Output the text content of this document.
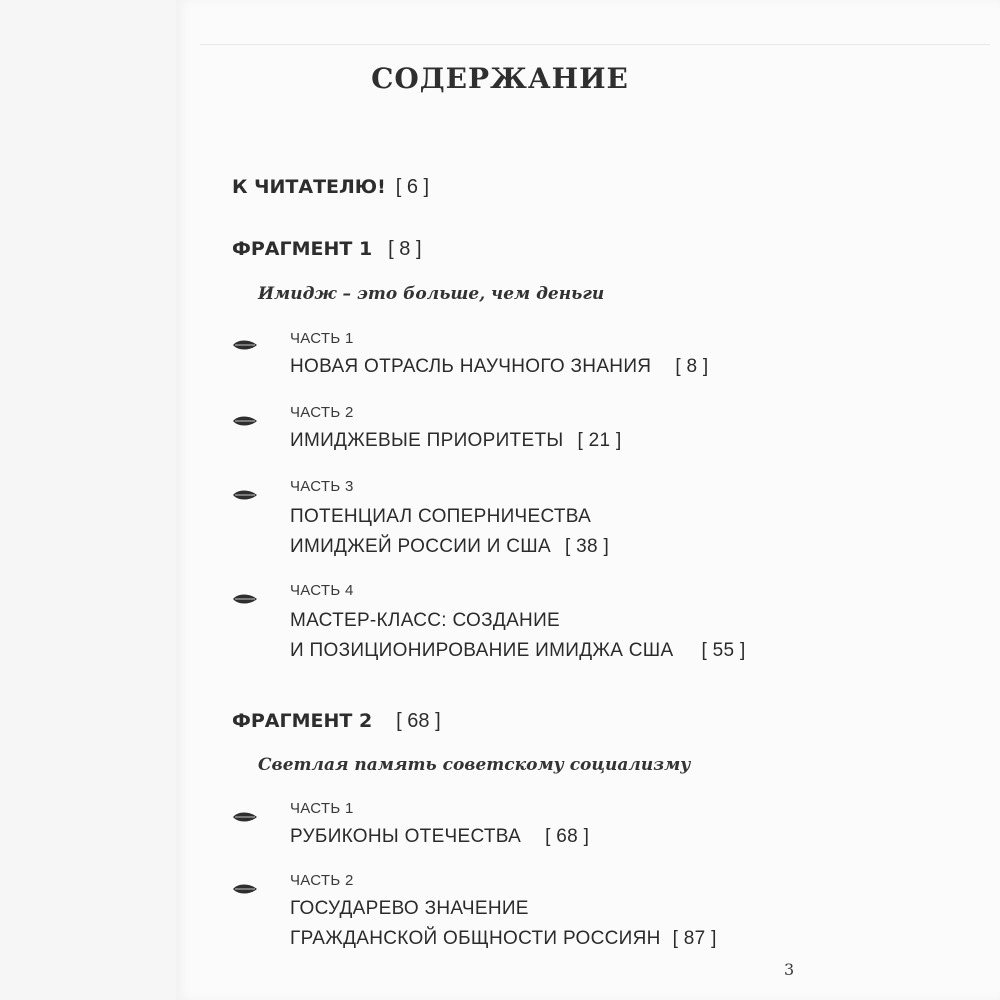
СОДЕРЖАНИЕ
К ЧИТАТЕЛЮ! [ 6 ]
ФРАГМЕНТ 1 [ 8 ]
Имидж – это больше, чем деньги
ЧАСТЬ 1
НОВАЯ ОТРАСЛЬ НАУЧНОГО ЗНАНИЯ [ 8 ]
ЧАСТЬ 2
ИМИДЖЕВЫЕ ПРИОРИТЕТЫ [ 21 ]
ЧАСТЬ 3
ПОТЕНЦИАЛ СОПЕРНИЧЕСТВА
ИМИДЖЕЙ РОССИИ И США [ 38 ]
ЧАСТЬ 4
МАСТЕР-КЛАСС: СОЗДАНИЕ
И ПОЗИЦИОНИРОВАНИЕ ИМИДЖА США [ 55 ]
ФРАГМЕНТ 2 [ 68 ]
Светлая память советскому социализму
ЧАСТЬ 1
РУБИКОНЫ ОТЕЧЕСТВА [ 68 ]
ЧАСТЬ 2
ГОСУДАРЕВО ЗНАЧЕНИЕ
ГРАЖДАНСКОЙ ОБЩНОСТИ РОССИЯН [ 87 ]
3
